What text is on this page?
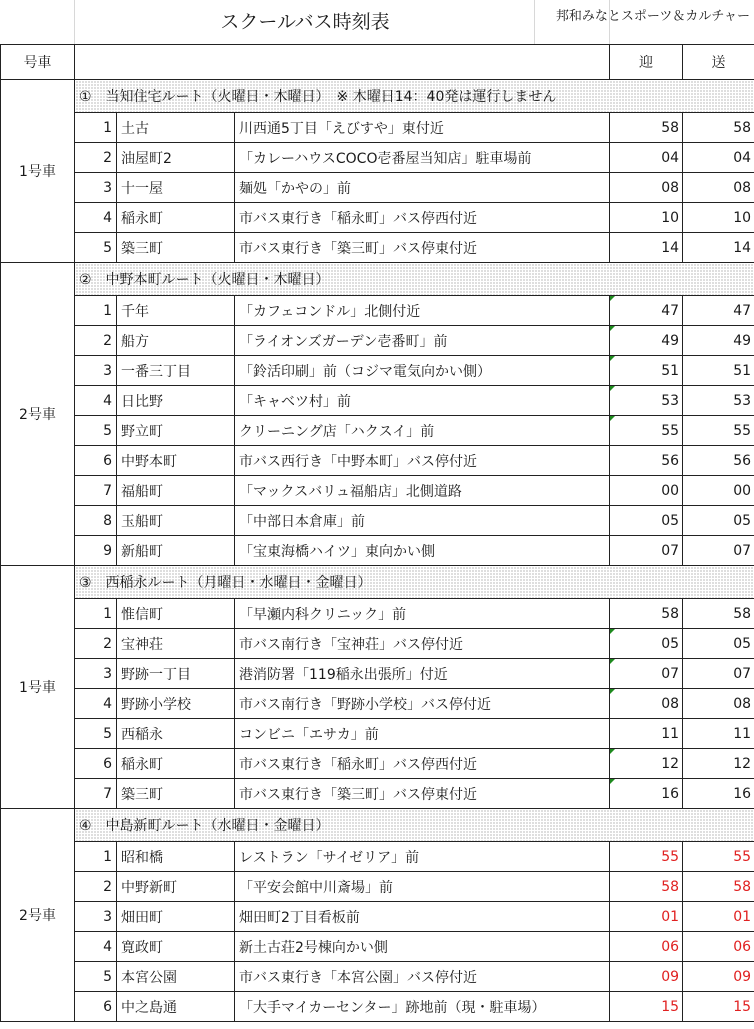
スクールバス時刻表	邦和みなとスポーツ＆カルチャー
号車				迎	送
1号車	①　当知住宅ルート（火曜日・木曜日）　※ 木曜日14：40発は運行しません				
	1	土古	川西通5丁目「えびすや」東付近	58	58
	2	油屋町2	「カレーハウスCOCO壱番屋当知店」駐車場前	04	04
	3	十一屋	麺処「かやの」前	08	08
	4	稲永町	市バス東行き「稲永町」バス停西付近	10	10
	5	築三町	市バス東行き「築三町」バス停東付近	14	14
2号車	②　中野本町ルート（火曜日・木曜日）				
	1	千年	「カフェコンドル」北側付近	47	47
	2	船方	「ライオンズガーデン壱番町」前	49	49
	3	一番三丁目	「鈴活印刷」前（コジマ電気向かい側）	51	51
	4	日比野	「キャベツ村」前	53	53
	5	野立町	クリーニング店「ハクスイ」前	55	55
	6	中野本町	市バス西行き「中野本町」バス停付近	56	56
	7	福船町	「マックスバリュ福船店」北側道路	00	00
	8	玉船町	「中部日本倉庫」前	05	05
	9	新船町	「宝東海橋ハイツ」東向かい側	07	07
1号車	③　西稲永ルート（月曜日・水曜日・金曜日）				
	1	惟信町	「早瀬内科クリニック」前	58	58
	2	宝神荘	市バス南行き「宝神荘」バス停付近	05	05
	3	野跡一丁目	港消防署「119稲永出張所」付近	07	07
	4	野跡小学校	市バス南行き「野跡小学校」バス停付近	08	08
	5	西稲永	コンビニ「エサカ」前	11	11
	6	稲永町	市バス東行き「稲永町」バス停西付近	12	12
	7	築三町	市バス東行き「築三町」バス停東付近	16	16
2号車	④　中島新町ルート（水曜日・金曜日）				
	1	昭和橋	レストラン「サイゼリア」前	55	55
	2	中野新町	「平安会館中川斎場」前	58	58
	3	畑田町	畑田町2丁目看板前	01	01
	4	寛政町	新土古荘2号棟向かい側	06	06
	5	本宮公園	市バス東行き「本宮公園」バス停付近	09	09
	6	中之島通	「大手マイカーセンター」跡地前（現・駐車場）	15	15
